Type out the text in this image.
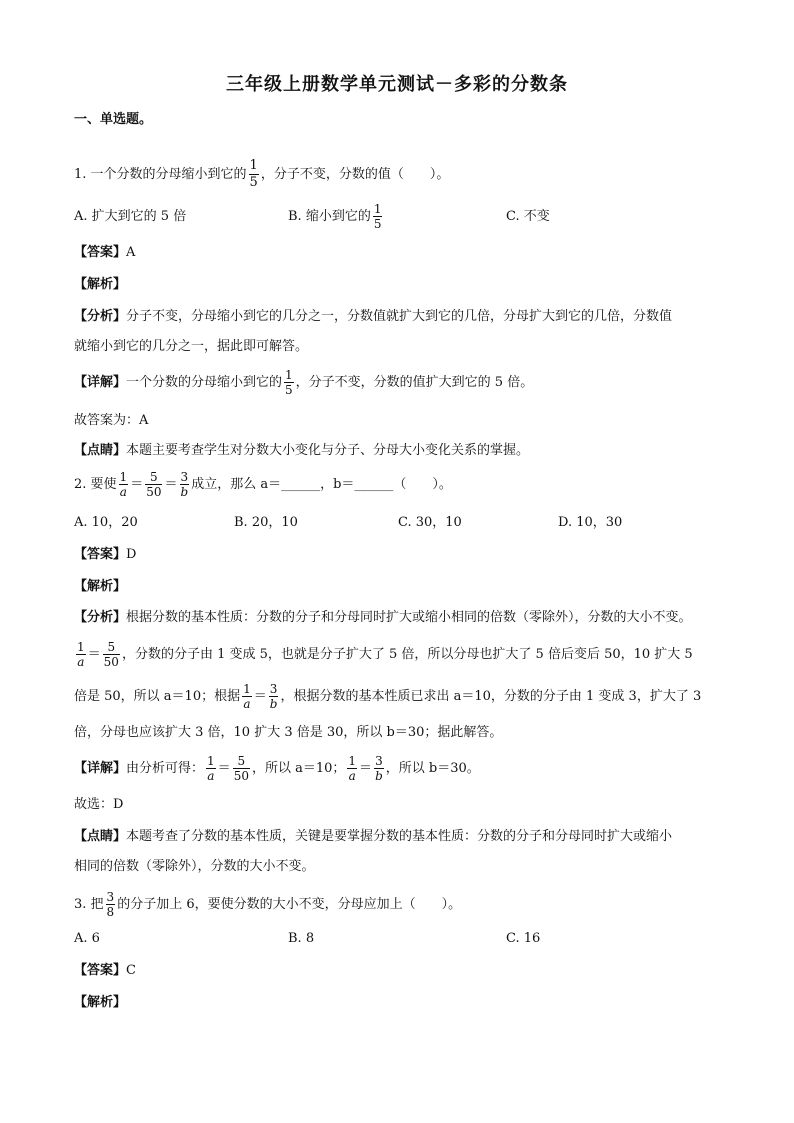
三年级上册数学单元测试－多彩的分数条
一、单选题。
1. 一个分数的分母缩小到它的 $\frac{1}{5}$ ，分子不变，分数的值（　　）。
A. 扩大到它的 5 倍	B. 缩小到它的 $\frac{1}{5}$	C. 不变
【答案】A
【解析】
【分析】分子不变，分母缩小到它的几分之一，分数值就扩大到它的几倍，分母扩大到它的几倍，分数值
就缩小到它的几分之一，据此即可解答。
【详解】一个分数的分母缩小到它的 $\frac{1}{5}$ ，分子不变，分数的值扩大到它的 5 倍。
故答案为：A
【点睛】本题主要考查学生对分数大小变化与分子、分母大小变化关系的掌握。
2. 要使 $\frac{1}{a} = \frac{5}{50} = \frac{3}{b}$ 成立，那么 a＝______，b＝______（　　）。
A. 10，20	B. 20，10	C. 30，10	D. 10，30
【答案】D
【解析】
【分析】根据分数的基本性质：分数的分子和分母同时扩大或缩小相同的倍数（零除外），分数的大小不变。
$\frac{1}{a} = \frac{5}{50}$ ，分数的分子由 1 变成 5，也就是分子扩大了 5 倍，所以分母也扩大了 5 倍后变后 50，10 扩大 5
倍是 50，所以 a＝10；根据 $\frac{1}{a} = \frac{3}{b}$ ，根据分数的基本性质已求出 a＝10，分数的分子由 1 变成 3，扩大了 3
倍，分母也应该扩大 3 倍，10 扩大 3 倍是 30，所以 b＝30；据此解答。
【详解】由分析可得： $\frac{1}{a} = \frac{5}{50}$ ，所以 a＝10； $\frac{1}{a} = \frac{3}{b}$ ，所以 b＝30。
故选：D
【点睛】本题考查了分数的基本性质，关键是要掌握分数的基本性质：分数的分子和分母同时扩大或缩小
相同的倍数（零除外），分数的大小不变。
3. 把 $\frac{3}{8}$ 的分子加上 6，要使分数的大小不变，分母应加上（　　）。
A. 6	B. 8	C. 16
【答案】C
【解析】
